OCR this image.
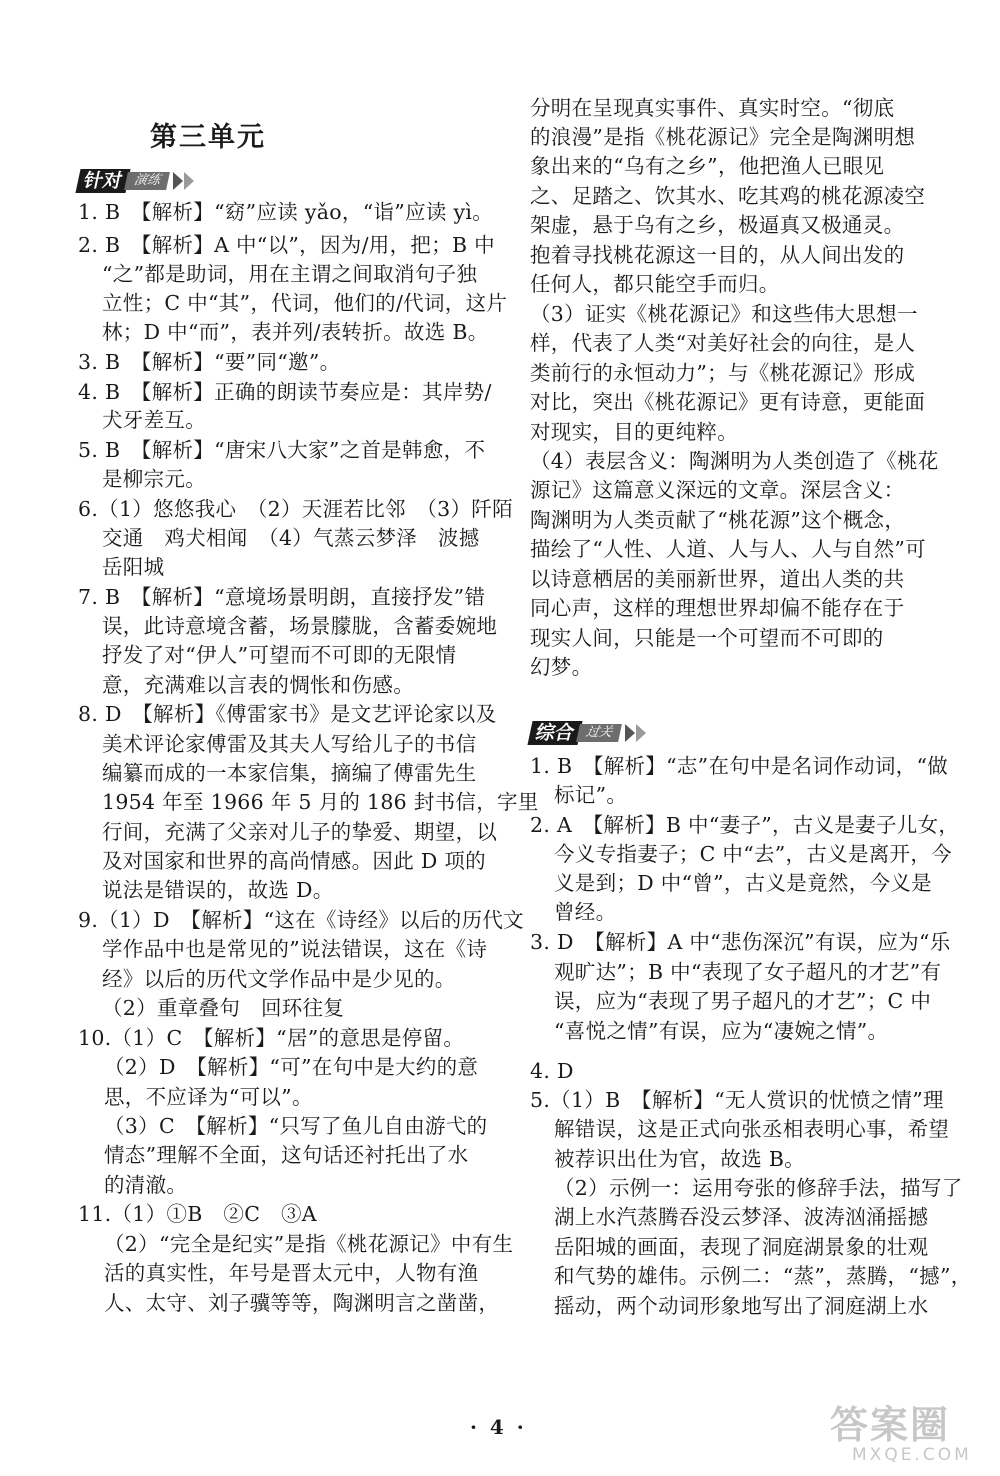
第三单元
针对 演练
1. B　【解析】“窈”应读 yǎo，“诣”应读 yì。
2. B　【解析】A 中“以”，因为/用，把；B 中
“之”都是助词，用在主谓之间取消句子独
立性；C 中“其”，代词，他们的/代词，这片
林；D 中“而”，表并列/表转折。故选 B。
3. B　【解析】“要”同“邀”。
4. B　【解析】正确的朗读节奏应是：其岸势/
犬牙差互。
5. B　【解析】“唐宋八大家”之首是韩愈，不
是柳宗元。
6.（1）悠悠我心　（2）天涯若比邻　（3）阡陌
交通　鸡犬相闻　（4）气蒸云梦泽　波撼
岳阳城
7. B　【解析】“意境场景明朗，直接抒发”错
误，此诗意境含蓄，场景朦胧，含蓄委婉地
抒发了对“伊人”可望而不可即的无限情
意，充满难以言表的惆怅和伤感。
8. D　【解析】《傅雷家书》是文艺评论家以及
美术评论家傅雷及其夫人写给儿子的书信
编纂而成的一本家信集，摘编了傅雷先生
1954 年至 1966 年 5 月的 186 封书信，字里
行间，充满了父亲对儿子的挚爱、期望，以
及对国家和世界的高尚情感。因此 D 项的
说法是错误的，故选 D。
9.（1）D　【解析】“这在《诗经》以后的历代文
学作品中也是常见的”说法错误，这在《诗
经》以后的历代文学作品中是少见的。
（2）重章叠句　回环往复
10.（1）C　【解析】“居”的意思是停留。
（2）D　【解析】“可”在句中是大约的意
思，不应译为“可以”。
（3）C　【解析】“只写了鱼儿自由游弋的
情态”理解不全面，这句话还衬托出了水
的清澈。
11.（1）①B　②C　③A
（2）“完全是纪实”是指《桃花源记》中有生
活的真实性，年号是晋太元中，人物有渔
人、太守、刘子骥等等，陶渊明言之凿凿，
分明在呈现真实事件、真实时空。“彻底
的浪漫”是指《桃花源记》完全是陶渊明想
象出来的“乌有之乡”，他把渔人已眼见
之、足踏之、饮其水、吃其鸡的桃花源凌空
架虚，悬于乌有之乡，极逼真又极通灵。
抱着寻找桃花源这一目的，从人间出发的
任何人，都只能空手而归。
（3）证实《桃花源记》和这些伟大思想一
样，代表了人类“对美好社会的向往，是人
类前行的永恒动力”；与《桃花源记》形成
对比，突出《桃花源记》更有诗意，更能面
对现实，目的更纯粹。
（4）表层含义：陶渊明为人类创造了《桃花
源记》这篇意义深远的文章。深层含义：
陶渊明为人类贡献了“桃花源”这个概念，
描绘了“人性、人道、人与人、人与自然”可
以诗意栖居的美丽新世界，道出人类的共
同心声，这样的理想世界却偏不能存在于
现实人间，只能是一个可望而不可即的
幻梦。
综合 过关
1. B　【解析】“志”在句中是名词作动词，“做
标记”。
2. A　【解析】B 中“妻子”，古义是妻子儿女，
今义专指妻子；C 中“去”，古义是离开，今
义是到；D 中“曾”，古义是竟然，今义是
曾经。
3. D　【解析】A 中“悲伤深沉”有误，应为“乐
观旷达”；B 中“表现了女子超凡的才艺”有
误，应为“表现了男子超凡的才艺”；C 中
“喜悦之情”有误，应为“凄婉之情”。
4. D
5.（1）B　【解析】“无人赏识的忧愤之情”理
解错误，这是正式向张丞相表明心事，希望
被荐识出仕为官，故选 B。
（2）示例一：运用夸张的修辞手法，描写了
湖上水汽蒸腾吞没云梦泽、波涛汹涌摇撼
岳阳城的画面，表现了洞庭湖景象的壮观
和气势的雄伟。示例二：“蒸”，蒸腾，“撼”，
摇动，两个动词形象地写出了洞庭湖上水
· 4 ·	答案圈
MXQE.COM
